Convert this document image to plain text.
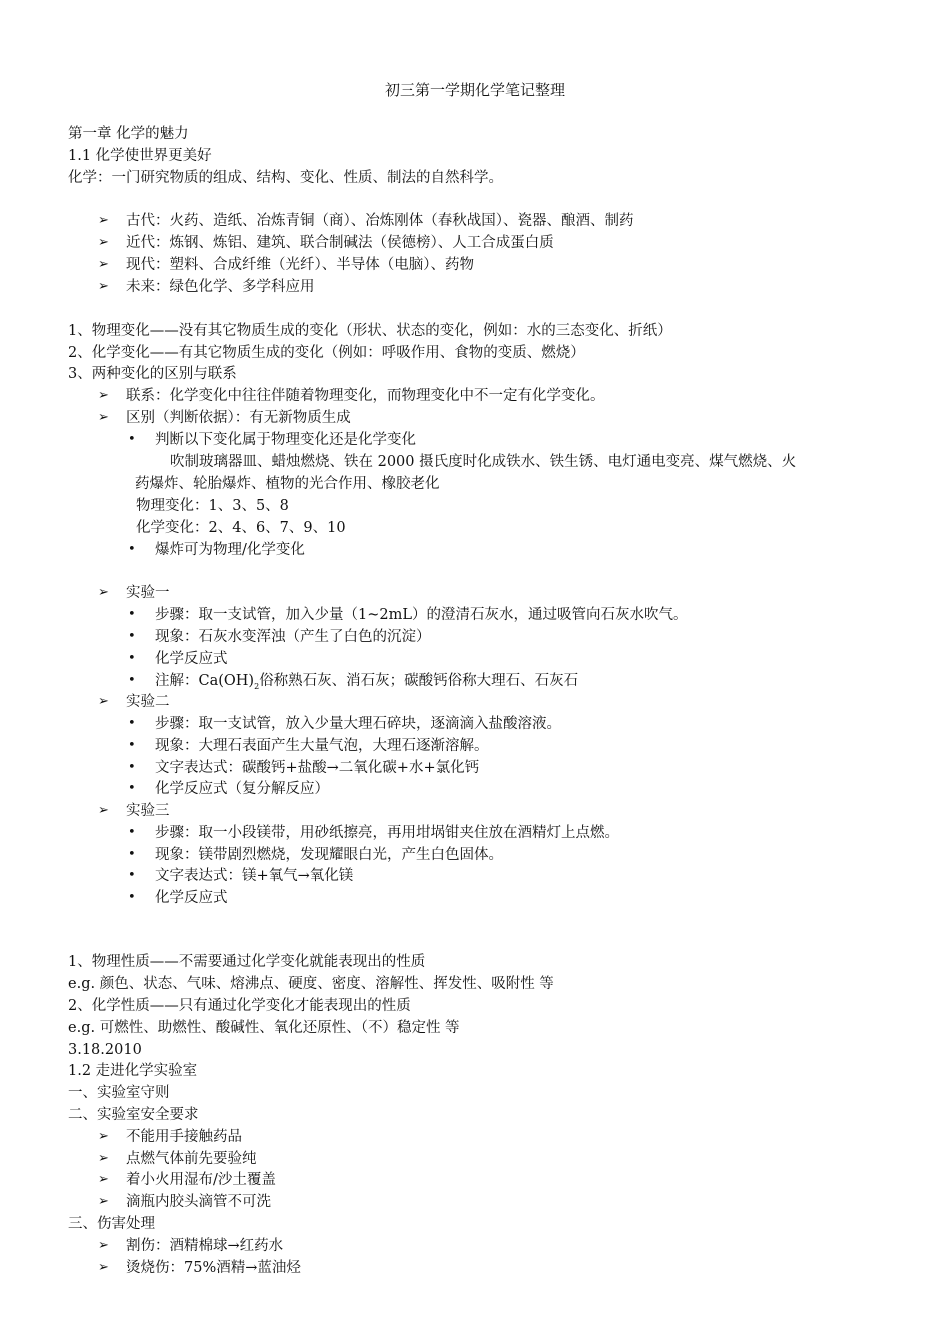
初三第一学期化学笔记整理
第一章 化学的魅力
1.1 化学使世界更美好
化学：一门研究物质的组成、结构、变化、性质、制法的自然科学。
➢ 古代：火药、造纸、冶炼青铜（商）、冶炼刚体（春秋战国）、瓷器、酿酒、制药
➢ 近代：炼钢、炼铝、建筑、联合制碱法（侯德榜）、人工合成蛋白质
➢ 现代：塑料、合成纤维（光纤）、半导体（电脑）、药物
➢ 未来：绿色化学、多学科应用
1、物理变化——没有其它物质生成的变化（形状、状态的变化，例如：水的三态变化、折纸）
2、化学变化——有其它物质生成的变化（例如：呼吸作用、食物的变质、燃烧）
3、两种变化的区别与联系
➢ 联系：化学变化中往往伴随着物理变化，而物理变化中不一定有化学变化。
➢ 区别（判断依据）：有无新物质生成
• 判断以下变化属于物理变化还是化学变化
吹制玻璃器皿、蜡烛燃烧、铁在 2000 摄氏度时化成铁水、铁生锈、电灯通电变亮、煤气燃烧、火
药爆炸、轮胎爆炸、植物的光合作用、橡胶老化
物理变化：1、3、5、8
化学变化：2、4、6、7、9、10
• 爆炸可为物理/化学变化
➢ 实验一
• 步骤：取一支试管，加入少量（1~2mL）的澄清石灰水，通过吸管向石灰水吹气。
• 现象：石灰水变浑浊（产生了白色的沉淀）
• 化学反应式
• 注解：$Ca(OH)_2$俗称熟石灰、消石灰；碳酸钙俗称大理石、石灰石
➢ 实验二
• 步骤：取一支试管，放入少量大理石碎块，逐滴滴入盐酸溶液。
• 现象：大理石表面产生大量气泡，大理石逐渐溶解。
• 文字表达式：碳酸钙+盐酸→二氧化碳+水+氯化钙
• 化学反应式（复分解反应）
➢ 实验三
• 步骤：取一小段镁带，用砂纸擦亮，再用坩埚钳夹住放在酒精灯上点燃。
• 现象：镁带剧烈燃烧，发现耀眼白光，产生白色固体。
• 文字表达式：镁+氧气→氧化镁
• 化学反应式
1、物理性质——不需要通过化学变化就能表现出的性质
e.g. 颜色、状态、气味、熔沸点、硬度、密度、溶解性、挥发性、吸附性 等
2、化学性质——只有通过化学变化才能表现出的性质
e.g. 可燃性、助燃性、酸碱性、氧化还原性、（不）稳定性 等
3.18.2010
1.2 走进化学实验室
一、实验室守则
二、实验室安全要求
➢ 不能用手接触药品
➢ 点燃气体前先要验纯
➢ 着小火用湿布/沙土覆盖
➢ 滴瓶内胶头滴管不可洗
三、伤害处理
➢ 割伤：酒精棉球→红药水
➢ 烫烧伤：75%酒精→蓝油烃
